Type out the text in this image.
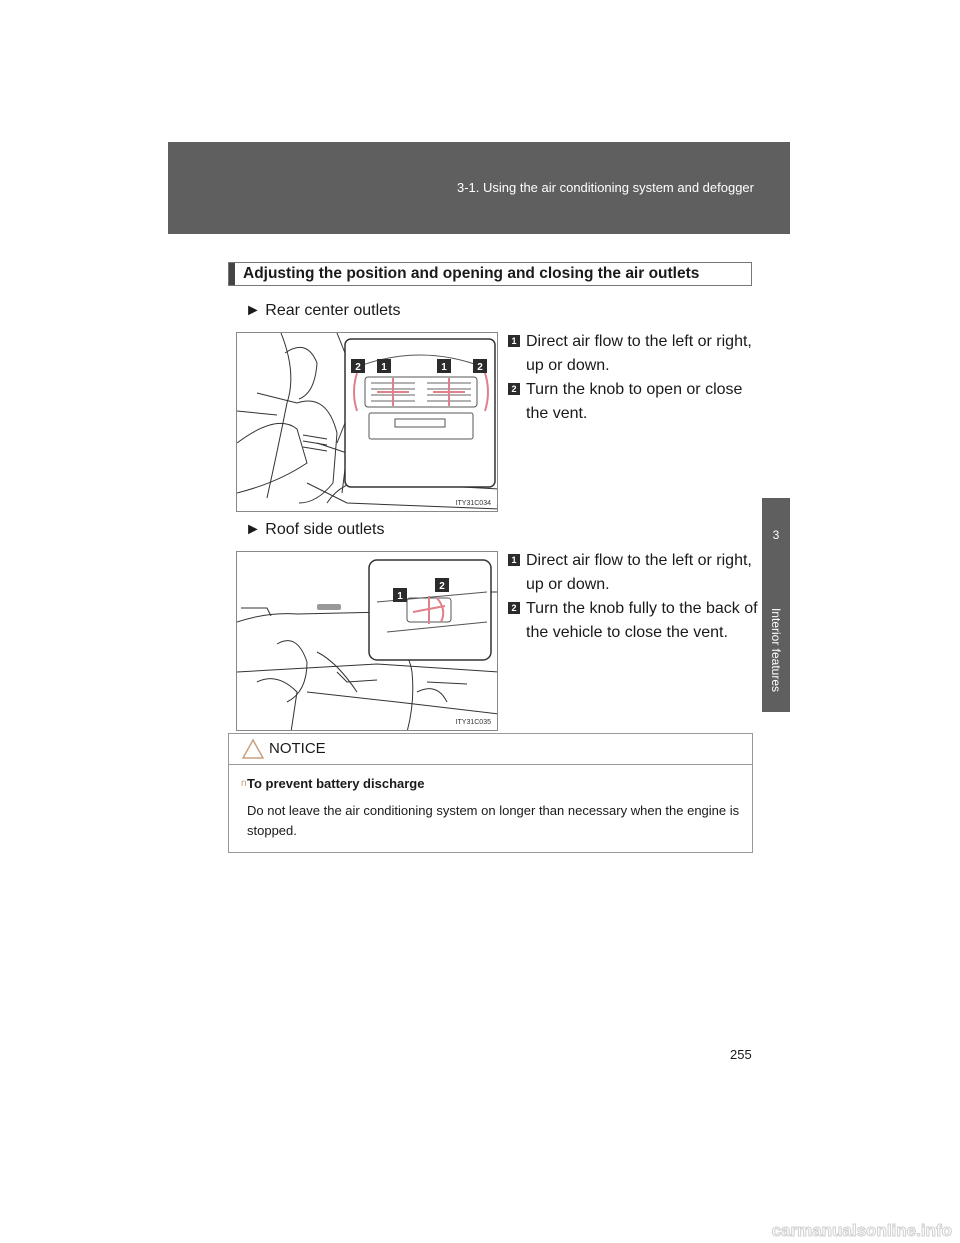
3-1. Using the air conditioning system and defogger
3
Interior features
Adjusting the position and opening and closing the air outlets
► Rear center outlets
2 1	1	2
ITY31C034
1 Direct air flow to the left or right, up or down.
2 Turn the knob to open or close the vent.
► Roof side outlets
1
2
ITY31C035
1 Direct air flow to the left or right, up or down.
2 Turn the knob fully to the back of the vehicle to close the vent.
NOTICE
n To prevent battery discharge
Do not leave the air conditioning system on longer than necessary when the engine is stopped.
255
carmanualsonline.info
